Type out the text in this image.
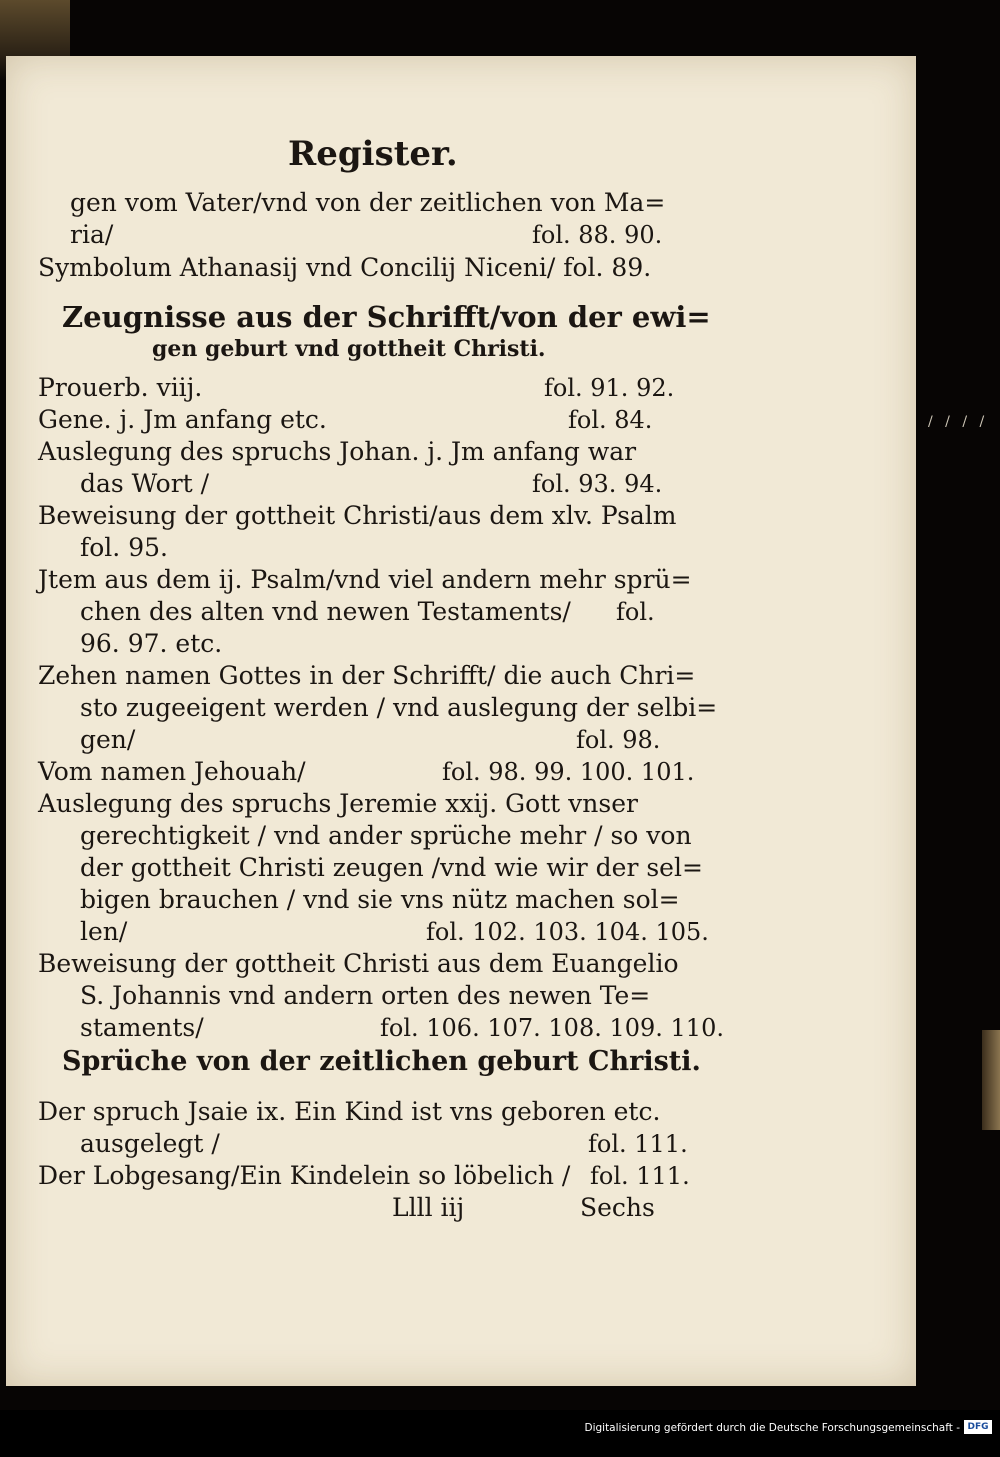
/ / / /
Register.
gen vom Vater/vnd von der zeitlichen von Ma=
ria/	fol. 88. 90.
Symbolum Athanasij vnd Concilij Niceni/ fol. 89.
Zeugnisse aus der Schrifft/von der ewi=
gen geburt vnd gottheit Christi.
Prouerb. viij.	fol. 91. 92.
Gene. j. Jm anfang etc.	fol. 84.
Auslegung des spruchs Johan. j. Jm anfang war
das Wort /	fol. 93. 94.
Beweisung der gottheit Christi/aus dem xlv. Psalm
fol. 95.
Jtem aus dem ij. Psalm/vnd viel andern mehr sprü=
chen des alten vnd newen Testaments/ fol.
96. 97. etc.
Zehen namen Gottes in der Schrifft/ die auch Chri=
sto zugeeigent werden / vnd auslegung der selbi=
gen/	fol. 98.
Vom namen Jehouah/	fol. 98. 99. 100. 101.
Auslegung des spruchs Jeremie xxij. Gott vnser
gerechtigkeit / vnd ander sprüche mehr / so von
der gottheit Christi zeugen /vnd wie wir der sel=
bigen brauchen / vnd sie vns nütz machen sol=
len/	fol. 102. 103. 104. 105.
Beweisung der gottheit Christi aus dem Euangelio
S. Johannis vnd andern orten des newen Te=
staments/	fol. 106. 107. 108. 109. 110.
Sprüche von der zeitlichen geburt Christi.
Der spruch Jsaie ix. Ein Kind ist vns geboren etc.
ausgelegt /	fol. 111.
Der Lobgesang/Ein Kindelein so löbelich / fol. 111.
Llll iij	Sechs
Digitalisierung gefördert durch die Deutsche Forschungsgemeinschaft - DFG
